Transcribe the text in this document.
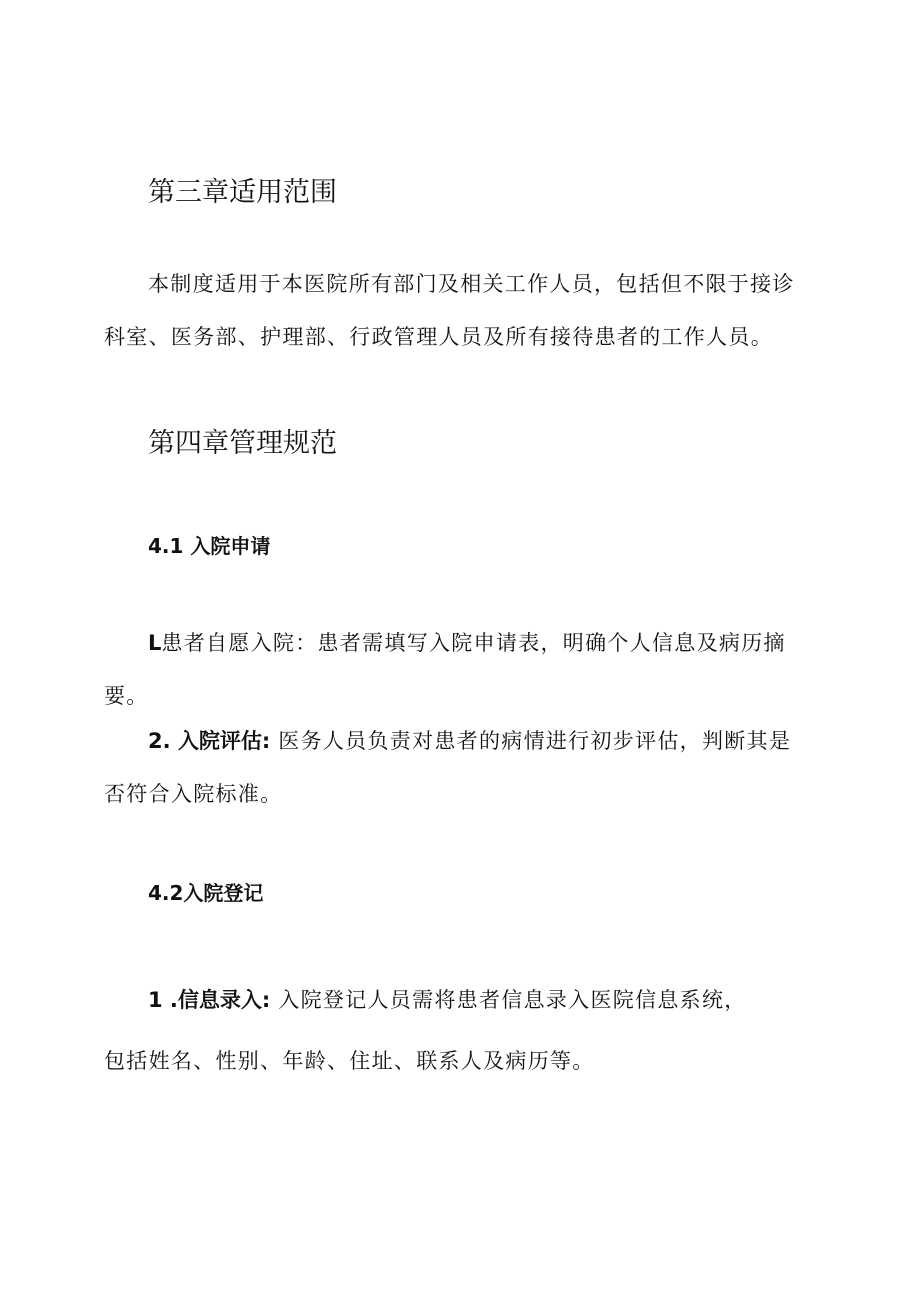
第三章适用范围
本制度适用于本医院所有部门及相关工作人员，包括但不限于接诊
科室、医务部、护理部、行政管理人员及所有接待患者的工作人员。
第四章管理规范
4.1 入院申请
L患者自愿入院：患者需填写入院申请表，明确个人信息及病历摘
要。
2. 入院评估: 医务人员负责对患者的病情进行初步评估，判断其是
否符合入院标准。
4.2入院登记
1 .信息录入: 入院登记人员需将患者信息录入医院信息系统，
包括姓名、性别、年龄、住址、联系人及病历等。
